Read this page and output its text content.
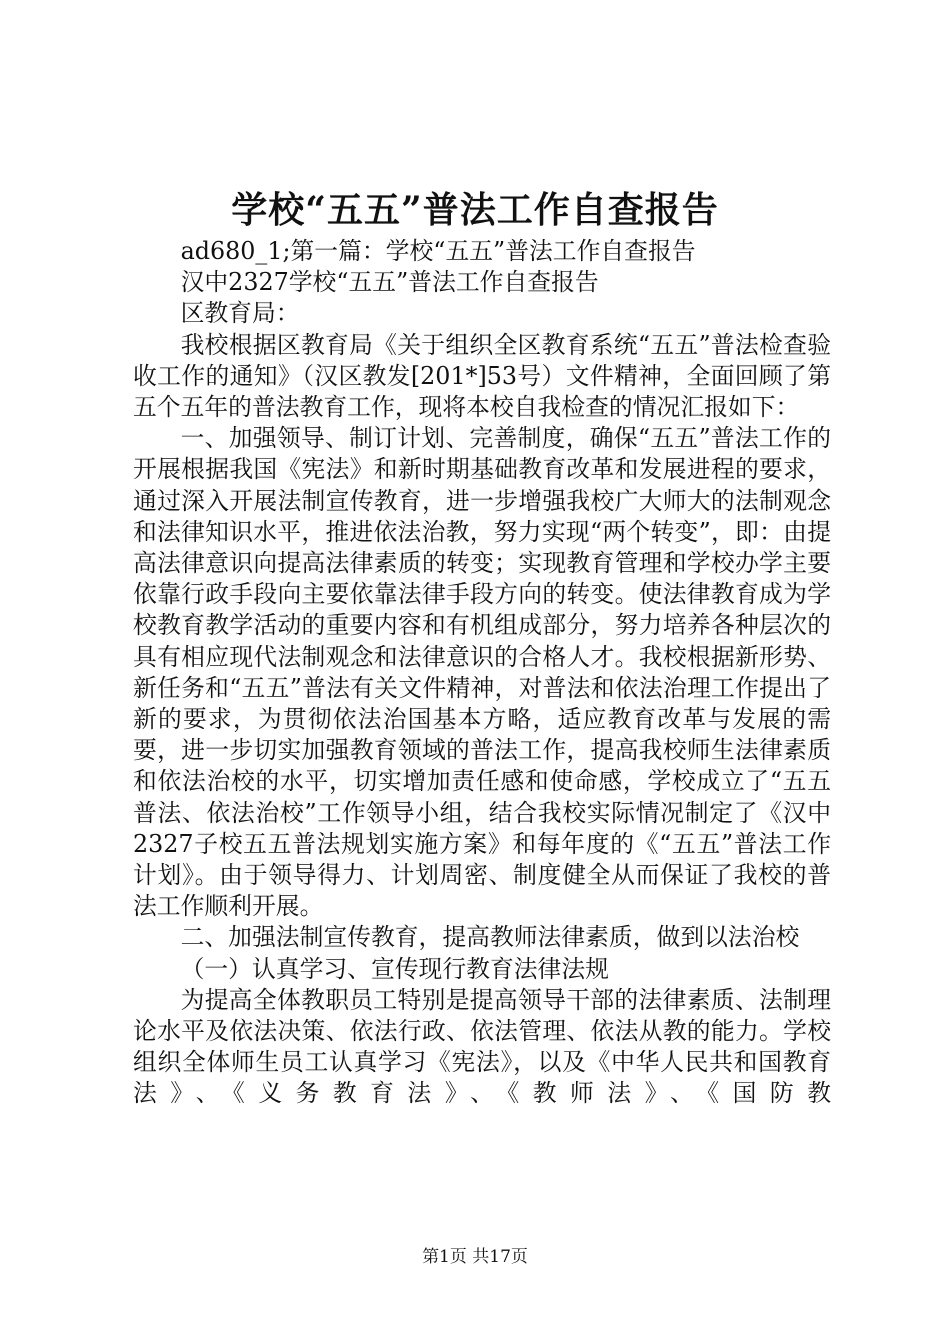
学校“五五”普法工作自查报告

ad680_1;第一篇：学校“五五”普法工作自查报告

汉中2327学校“五五”普法工作自查报告

区教育局：

我校根据区教育局《关于组织全区教育系统“五五”普法检查验收工作的通知》（汉区教发[201*]53号）文件精神，全面回顾了第五个五年的普法教育工作，现将本校自我检查的情况汇报如下：

一、加强领导、制订计划、完善制度，确保“五五”普法工作的开展根据我国《宪法》和新时期基础教育改革和发展进程的要求，通过深入开展法制宣传教育，进一步增强我校广大师大的法制观念和法律知识水平，推进依法治教，努力实现“两个转变”，即：由提高法律意识向提高法律素质的转变；实现教育管理和学校办学主要依靠行政手段向主要依靠法律手段方向的转变。使法律教育成为学校教育教学活动的重要内容和有机组成部分，努力培养各种层次的具有相应现代法制观念和法律意识的合格人才。我校根据新形势、新任务和“五五”普法有关文件精神，对普法和依法治理工作提出了新的要求，为贯彻依法治国基本方略，适应教育改革与发展的需要，进一步切实加强教育领域的普法工作，提高我校师生法律素质和依法治校的水平，切实增加责任感和使命感，学校成立了“五五普法、依法治校”工作领导小组，结合我校实际情况制定了《汉中2327子校五五普法规划实施方案》和每年度的《“五五”普法工作计划》。由于领导得力、计划周密、制度健全从而保证了我校的普法工作顺利开展。

二、加强法制宣传教育，提高教师法律素质，做到以法治校

（一）认真学习、宣传现行教育法律法规

为提高全体教职员工特别是提高领导干部的法律素质、法制理论水平及依法决策、依法行政、依法管理、依法从教的能力。学校组织全体师生员工认真学习《宪法》，以及《中华人民共和国教育法》、《义务教育法》、《教师法》、《国防教

第1页 共17页
